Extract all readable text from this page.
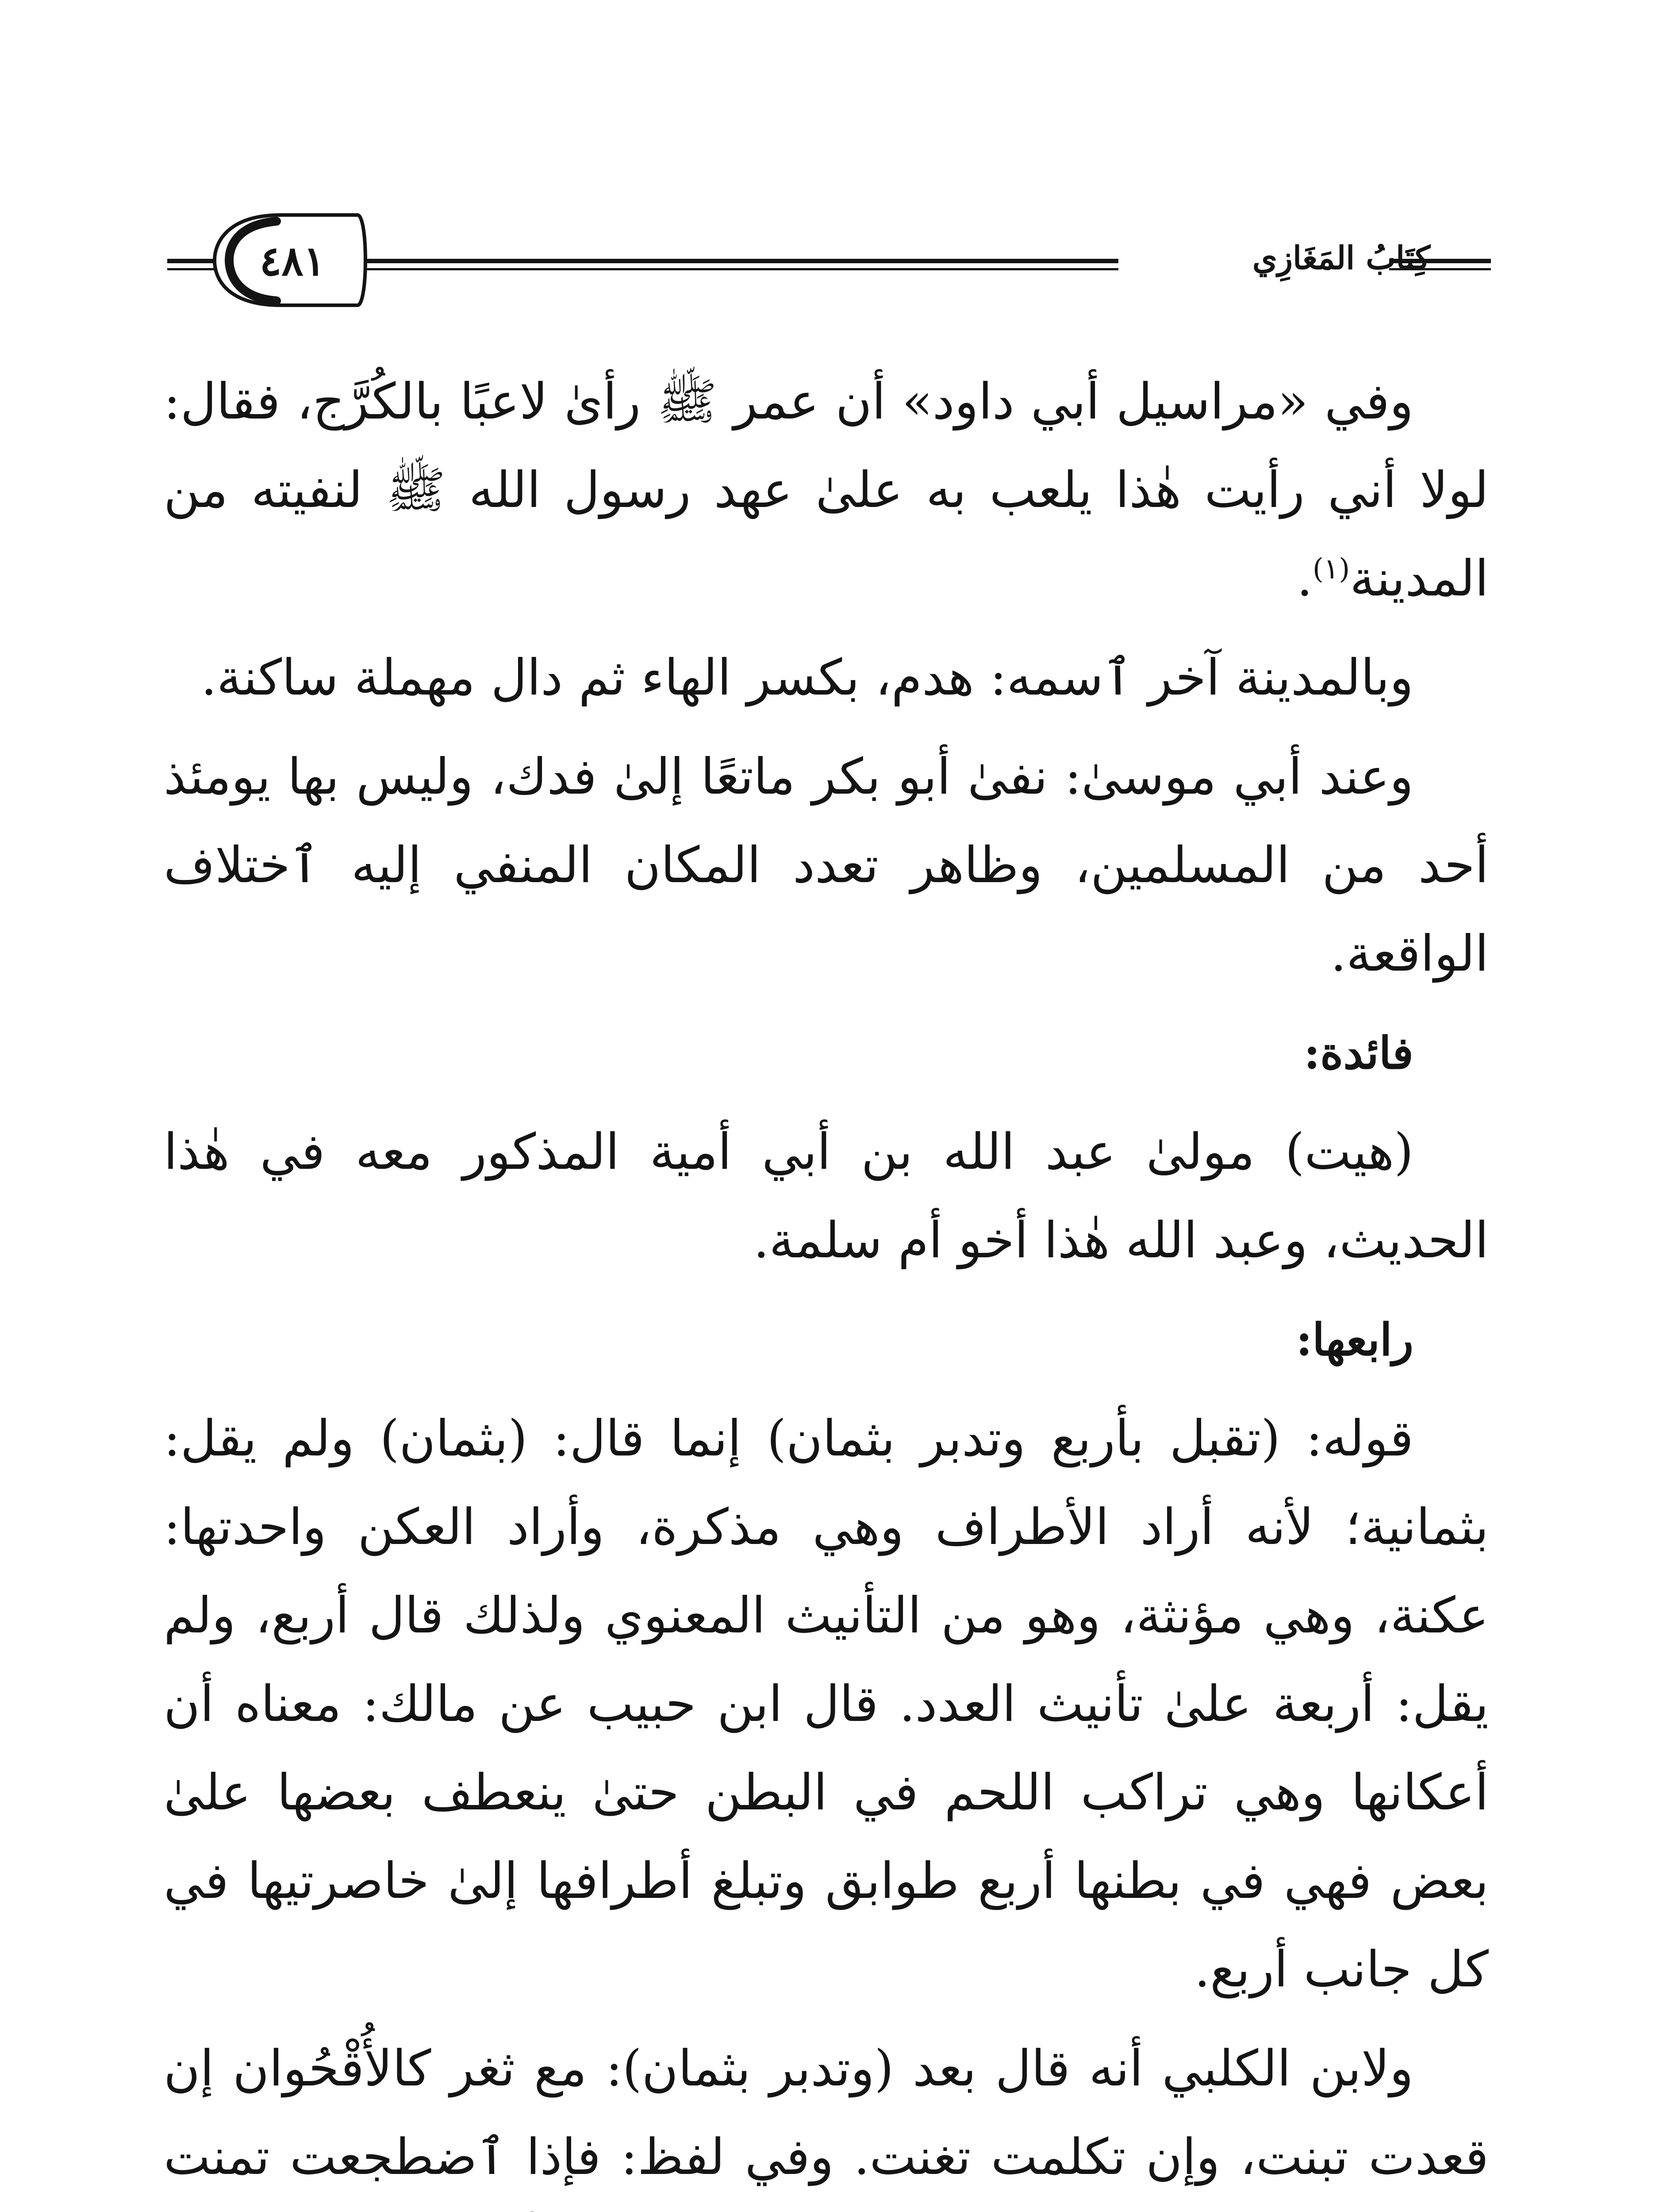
كِتَابُ المَغَازِي
٤٨١

وفي «مراسيل أبي داود» أن عمر ﷺ رأىٰ لاعبًا بالكُرَّج، فقال: لولا أني رأيت هٰذا يلعب به علىٰ عهد رسول الله ﷺ لنفيته من المدينة$^{(١)}$.

وبالمدينة آخر ٱسمه: هدم، بكسر الهاء ثم دال مهملة ساكنة.

وعند أبي موسىٰ: نفىٰ أبو بكر ماتعًا إلىٰ فدك، وليس بها يومئذ أحد من المسلمين، وظاهر تعدد المكان المنفي إليه ٱختلاف الواقعة.

فائدة:

(هيت) مولىٰ عبد الله بن أبي أمية المذكور معه في هٰذا الحديث، وعبد الله هٰذا أخو أم سلمة.

رابعها:

قوله: (تقبل بأربع وتدبر بثمان) إنما قال: (بثمان) ولم يقل: بثمانية؛ لأنه أراد الأطراف وهي مذكرة، وأراد العكن واحدتها: عكنة، وهي مؤنثة، وهو من التأنيث المعنوي ولذلك قال أربع، ولم يقل: أربعة علىٰ تأنيث العدد. قال ابن حبيب عن مالك: معناه أن أعكانها وهي تراكب اللحم في البطن حتىٰ ينعطف بعضها علىٰ بعض فهي في بطنها أربع طوابق وتبلغ أطرافها إلىٰ خاصرتيها في كل جانب أربع.

ولابن الكلبي أنه قال بعد (وتدبر بثمان): مع ثغر كالأُقْحُوان إن قعدت تبنت، وإن تكلمت تغنت. وفي لفظ: فإذا ٱضطجعت تمنت
